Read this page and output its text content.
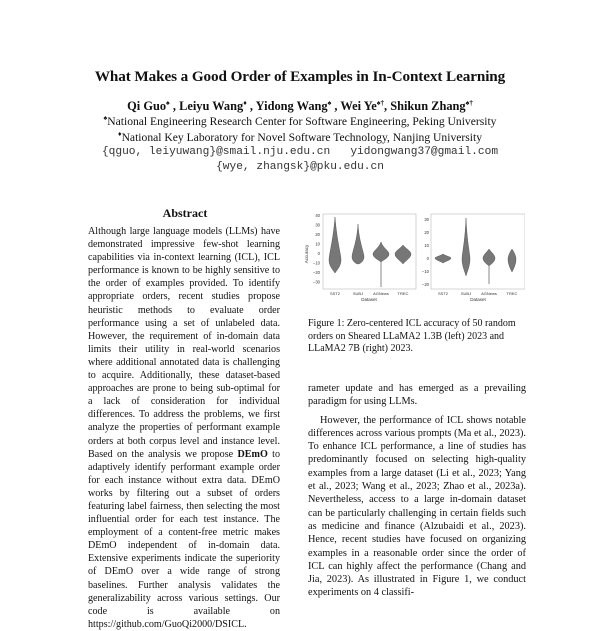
What Makes a Good Order of Examples in In-Context Learning
Qi Guo♠ , Leiyu Wang♦ , Yidong Wang♠ , Wei Ye♠†, Shikun Zhang♠†
♠National Engineering Research Center for Software Engineering, Peking University
♦National Key Laboratory for Novel Software Technology, Nanjing University
{qguo, leiyuwang}@smail.nju.edu.cn   yidongwang37@gmail.com
{wye, zhangsk}@pku.edu.cn
Abstract
Although large language models (LLMs) have demonstrated impressive few-shot learning capabilities via in-context learning (ICL), ICL performance is known to be highly sensitive to the order of examples provided. To identify appropriate orders, recent studies propose heuristic methods to evaluate order performance using a set of unlabeled data. However, the requirement of in-domain data limits their utility in real-world scenarios where additional annotated data is challenging to acquire. Additionally, these dataset-based approaches are prone to being sub-optimal for a lack of consideration for individual differences. To address the problems, we first analyze the properties of performant example orders at both corpus level and instance level. Based on the analysis we propose DEmO to adaptively identify performant example order for each instance without extra data. DEmO works by filtering out a subset of orders featuring label fairness, then selecting the most influential order for each test instance. The employment of a content-free metric makes DEmO independent of in-domain data. Extensive experiments indicate the superiority of DEmO over a wide range of strong baselines. Further analysis validates the generalizability across various settings. Our code is available on https://github.com/GuoQi2000/DSICL.
40
30
20
10
0
−10
−20
−30
Accuracy
SST2	SUBJ AGNews TREC
Dataset
30
20
10
0
−10
−20
SST2	SUBJ AGNews TREC
Dataset
Figure 1: Zero-centered ICL accuracy of 50 random orders on Sheared LLaMA2 1.3B (left) 2023 and LLaMA2 7B (right) 2023.

rameter update and has emerged as a prevailing paradigm for using LLMs.

However, the performance of ICL shows notable differences across various prompts (Ma et al., 2023). To enhance ICL performance, a line of studies has predominantly focused on selecting high-quality examples from a large dataset (Li et al., 2023; Yang et al., 2023; Wang et al., 2023; Zhao et al., 2023a). Nevertheless, access to a large in-domain dataset can be particularly challenging in certain fields such as medicine and finance (Alzubaidi et al., 2023). Hence, recent studies have focused on organizing examples in a reasonable order since the order of ICL can highly affect the performance (Chang and Jia, 2023). As illustrated in Figure 1, we conduct experiments on 4 classifi-
